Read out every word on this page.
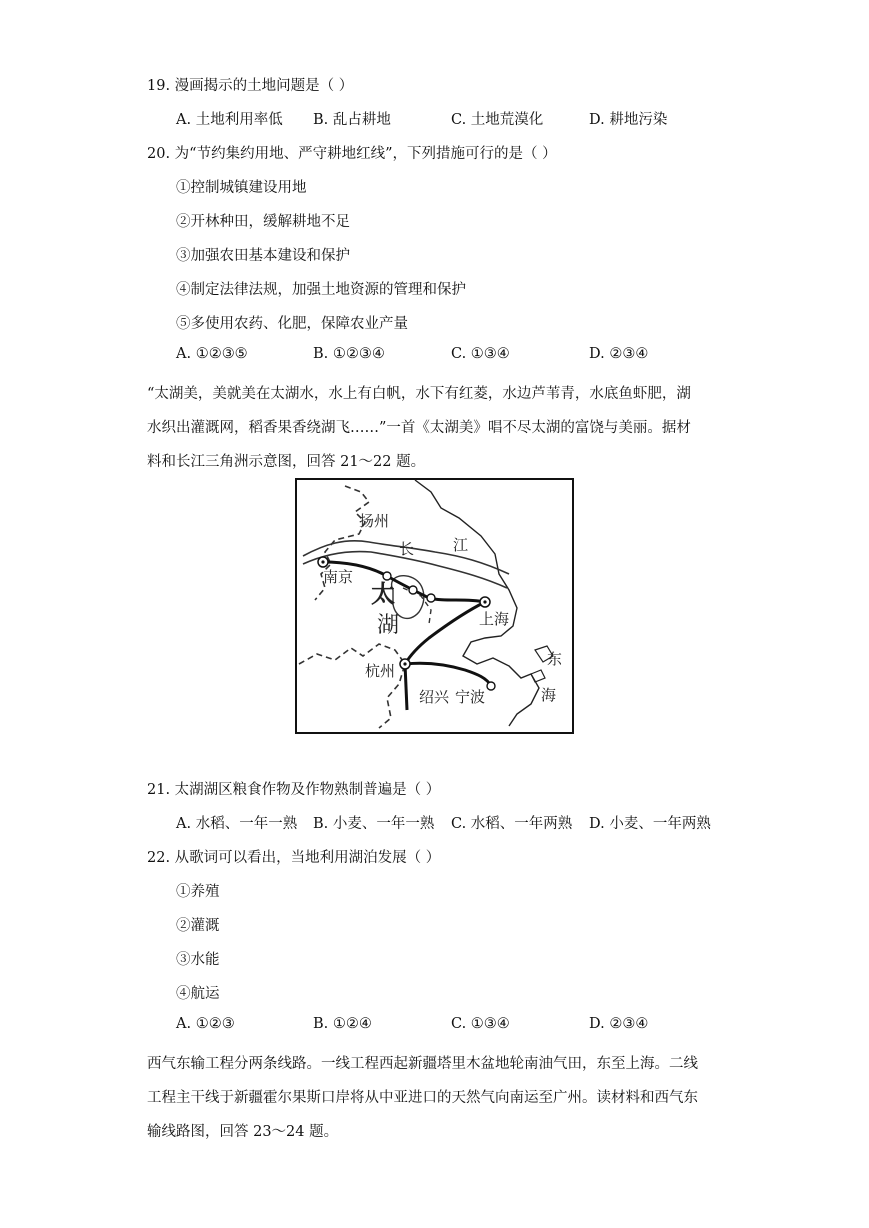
19. 漫画揭示的土地问题是（ ）
A. 土地利用率低 B. 乱占耕地	C. 土地荒漠化	D. 耕地污染
20. 为“节约集约用地、严守耕地红线”，下列措施可行的是（ ）
①控制城镇建设用地
②开林种田，缓解耕地不足
③加强农田基本建设和保护
④制定法律法规，加强土地资源的管理和保护
⑤多使用农药、化肥，保障农业产量
A. ①②③⑤	B. ①②③④	C. ①③④	D. ②③④
“太湖美，美就美在太湖水，水上有白帆，水下有红菱，水边芦苇青，水底鱼虾肥，湖
水织出灌溉网，稻香果香绕湖飞……”一首《太湖美》唱不尽太湖的富饶与美丽。据材
料和长江三角洲示意图，回答 21～22 题。
扬州
长	江
南京
太
湖	上海
杭州
绍兴 宁波
东
海
21. 太湖湖区粮食作物及作物熟制普遍是（ ）
A. 水稻、一年一熟 B. 小麦、一年一熟 C. 水稻、一年两熟 D. 小麦、一年两熟
22. 从歌词可以看出，当地利用湖泊发展（ ）
①养殖
②灌溉
③水能
④航运
A. ①②③	B. ①②④	C. ①③④	D. ②③④
西气东输工程分两条线路。一线工程西起新疆塔里木盆地轮南油气田，东至上海。二线
工程主干线于新疆霍尔果斯口岸将从中亚进口的天然气向南运至广州。读材料和西气东
输线路图，回答 23～24 题。
